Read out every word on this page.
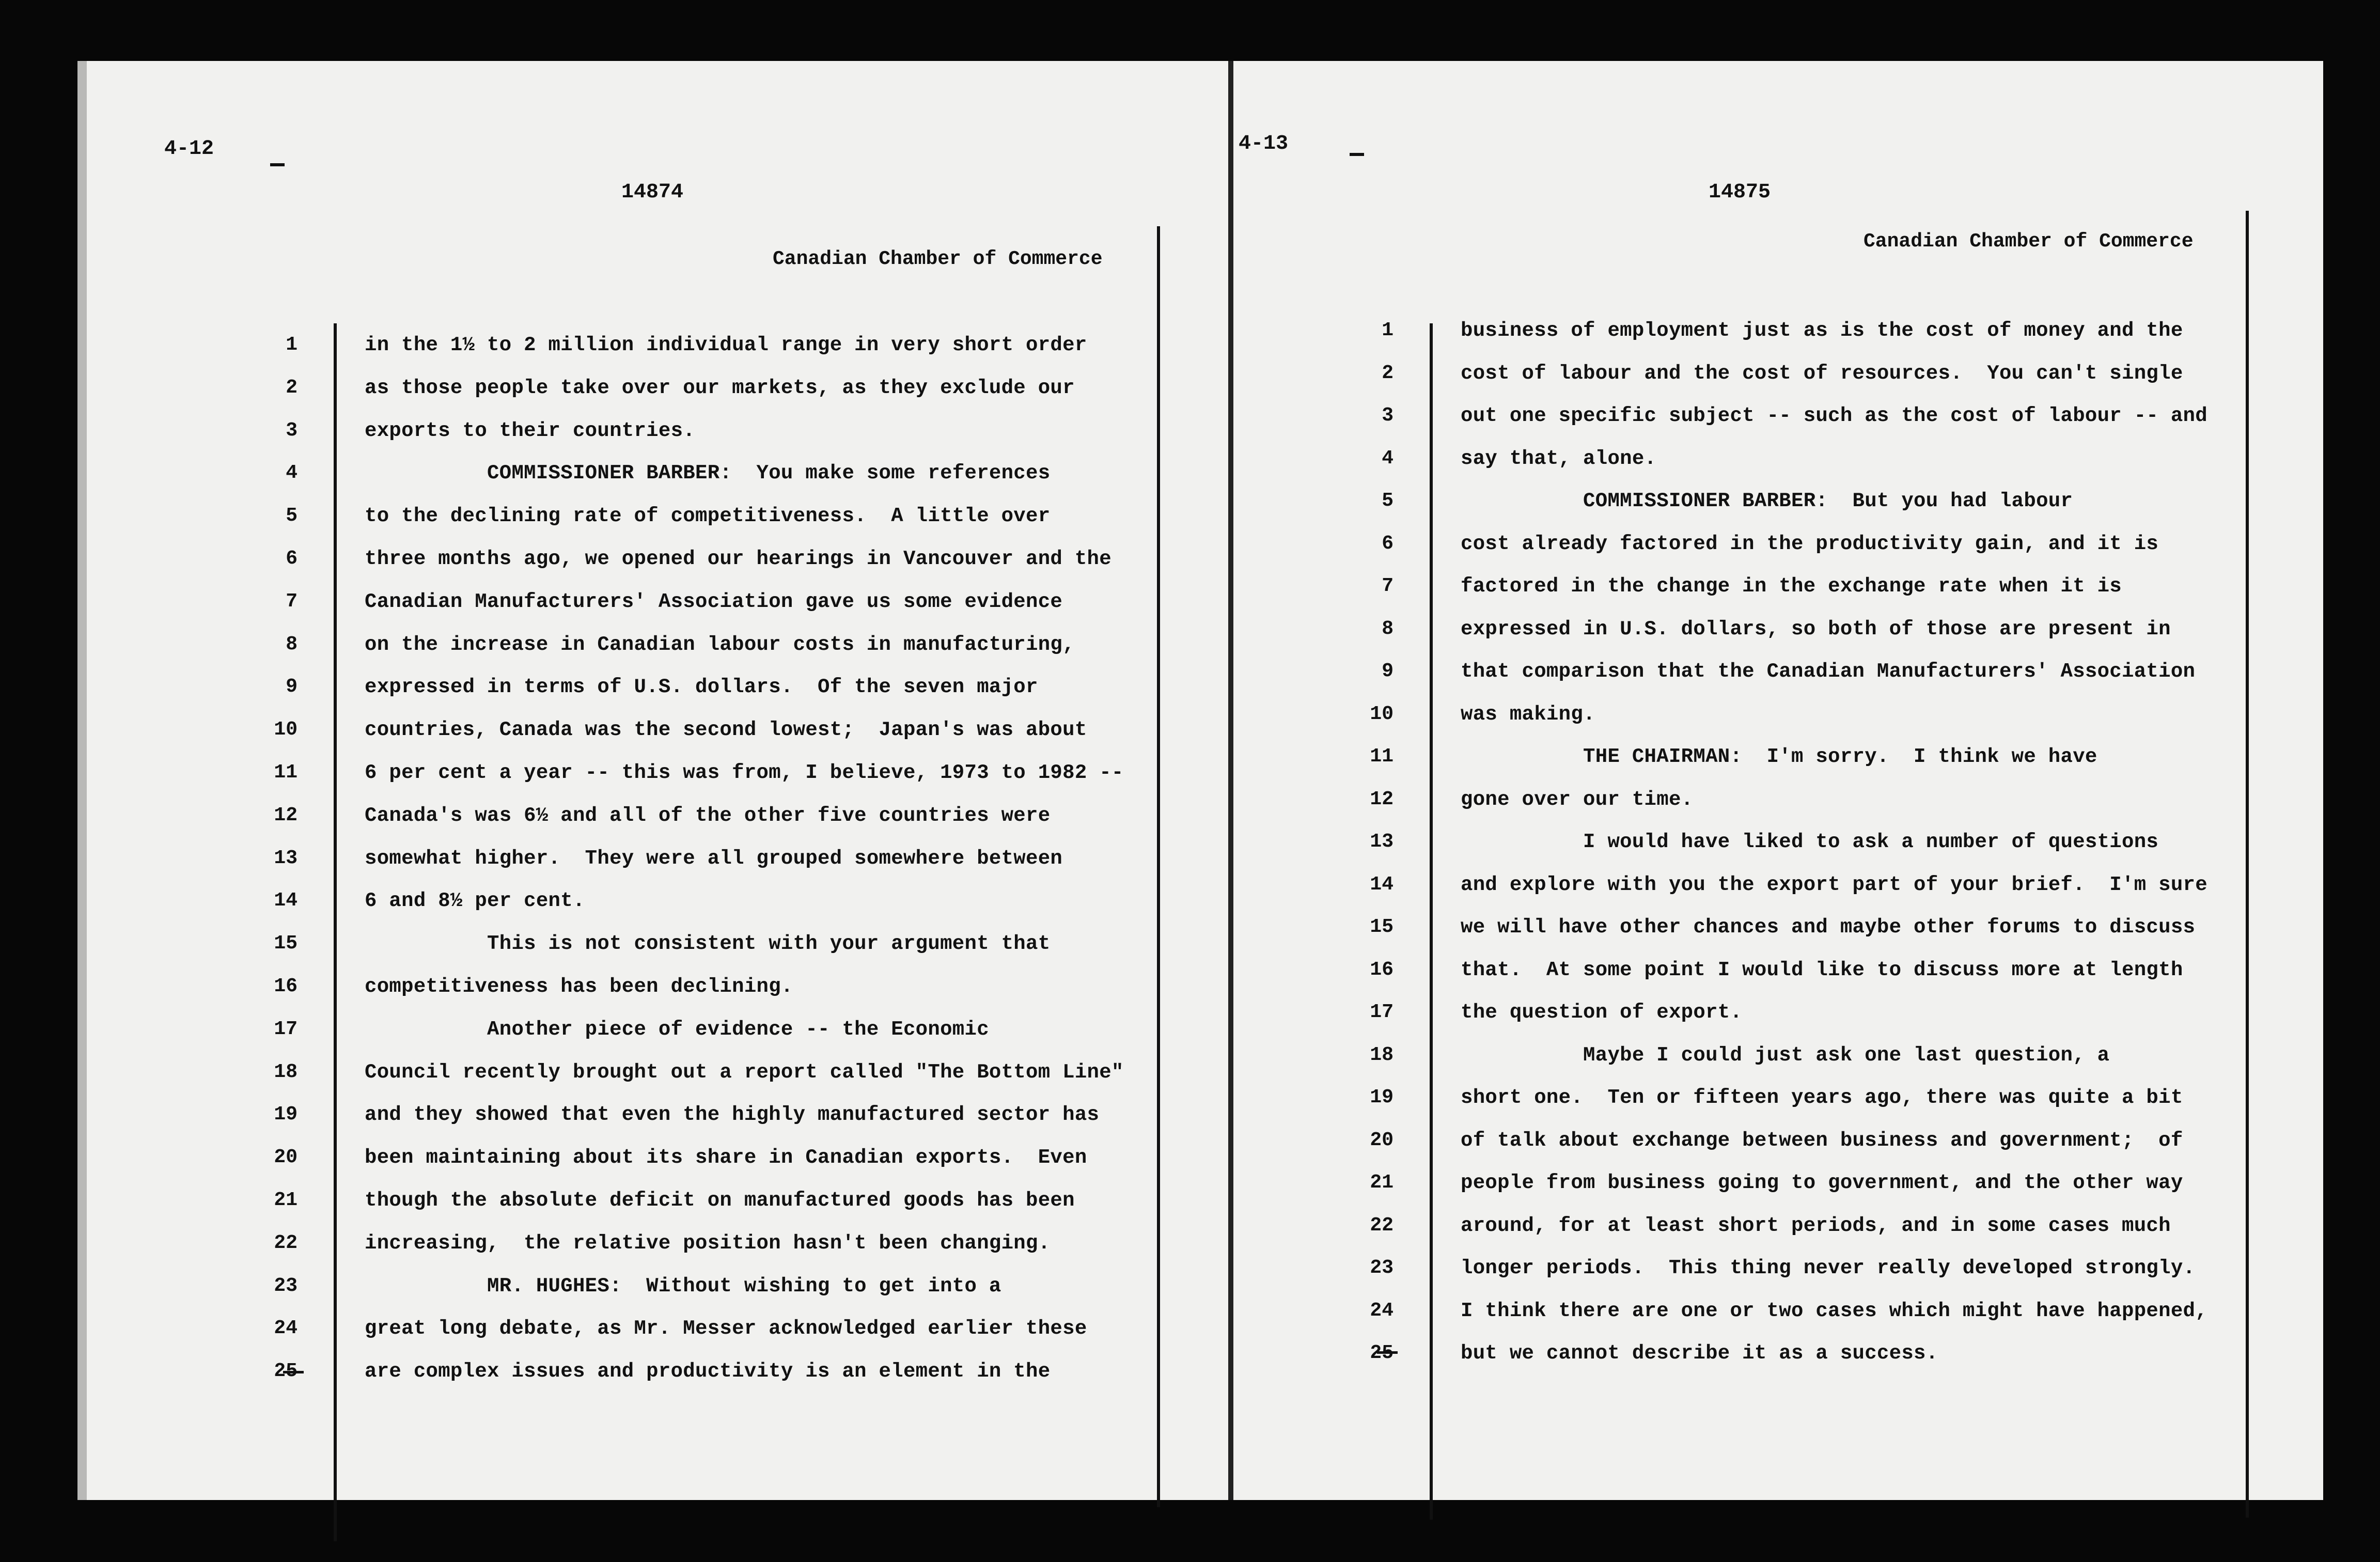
4-12
14874
Canadian Chamber of Commerce
1	in the 1½ to 2 million individual range in very short order
2	as those people take over our markets, as they exclude our
3	exports to their countries.
4	COMMISSIONER BARBER:  You make some references
5	to the declining rate of competitiveness.  A little over
6	three months ago, we opened our hearings in Vancouver and the
7	Canadian Manufacturers' Association gave us some evidence
8	on the increase in Canadian labour costs in manufacturing,
9	expressed in terms of U.S. dollars.  Of the seven major
10	countries, Canada was the second lowest;  Japan's was about
11	6 per cent a year -- this was from, I believe, 1973 to 1982 --
12	Canada's was 6½ and all of the other five countries were
13	somewhat higher.  They were all grouped somewhere between
14	6 and 8½ per cent.
15	This is not consistent with your argument that
16	competitiveness has been declining.
17	Another piece of evidence -- the Economic
18	Council recently brought out a report called "The Bottom Line"
19	and they showed that even the highly manufactured sector has
20	been maintaining about its share in Canadian exports.  Even
21	though the absolute deficit on manufactured goods has been
22	increasing,  the relative position hasn't been changing.
23	MR. HUGHES:  Without wishing to get into a
24	great long debate, as Mr. Messer acknowledged earlier these
25	are complex issues and productivity is an element in the
4-13
14875
Canadian Chamber of Commerce
1	business of employment just as is the cost of money and the
2	cost of labour and the cost of resources.  You can't single
3	out one specific subject -- such as the cost of labour -- and
4	say that, alone.
5	COMMISSIONER BARBER:  But you had labour
6	cost already factored in the productivity gain, and it is
7	factored in the change in the exchange rate when it is
8	expressed in U.S. dollars, so both of those are present in
9	that comparison that the Canadian Manufacturers' Association
10	was making.
11	THE CHAIRMAN:  I'm sorry.  I think we have
12	gone over our time.
13	I would have liked to ask a number of questions
14	and explore with you the export part of your brief.  I'm sure
15	we will have other chances and maybe other forums to discuss
16	that.  At some point I would like to discuss more at length
17	the question of export.
18	Maybe I could just ask one last question, a
19	short one.  Ten or fifteen years ago, there was quite a bit
20	of talk about exchange between business and government;  of
21	people from business going to government, and the other way
22	around, for at least short periods, and in some cases much
23	longer periods.  This thing never really developed strongly.
24	I think there are one or two cases which might have happened,
25	but we cannot describe it as a success.
